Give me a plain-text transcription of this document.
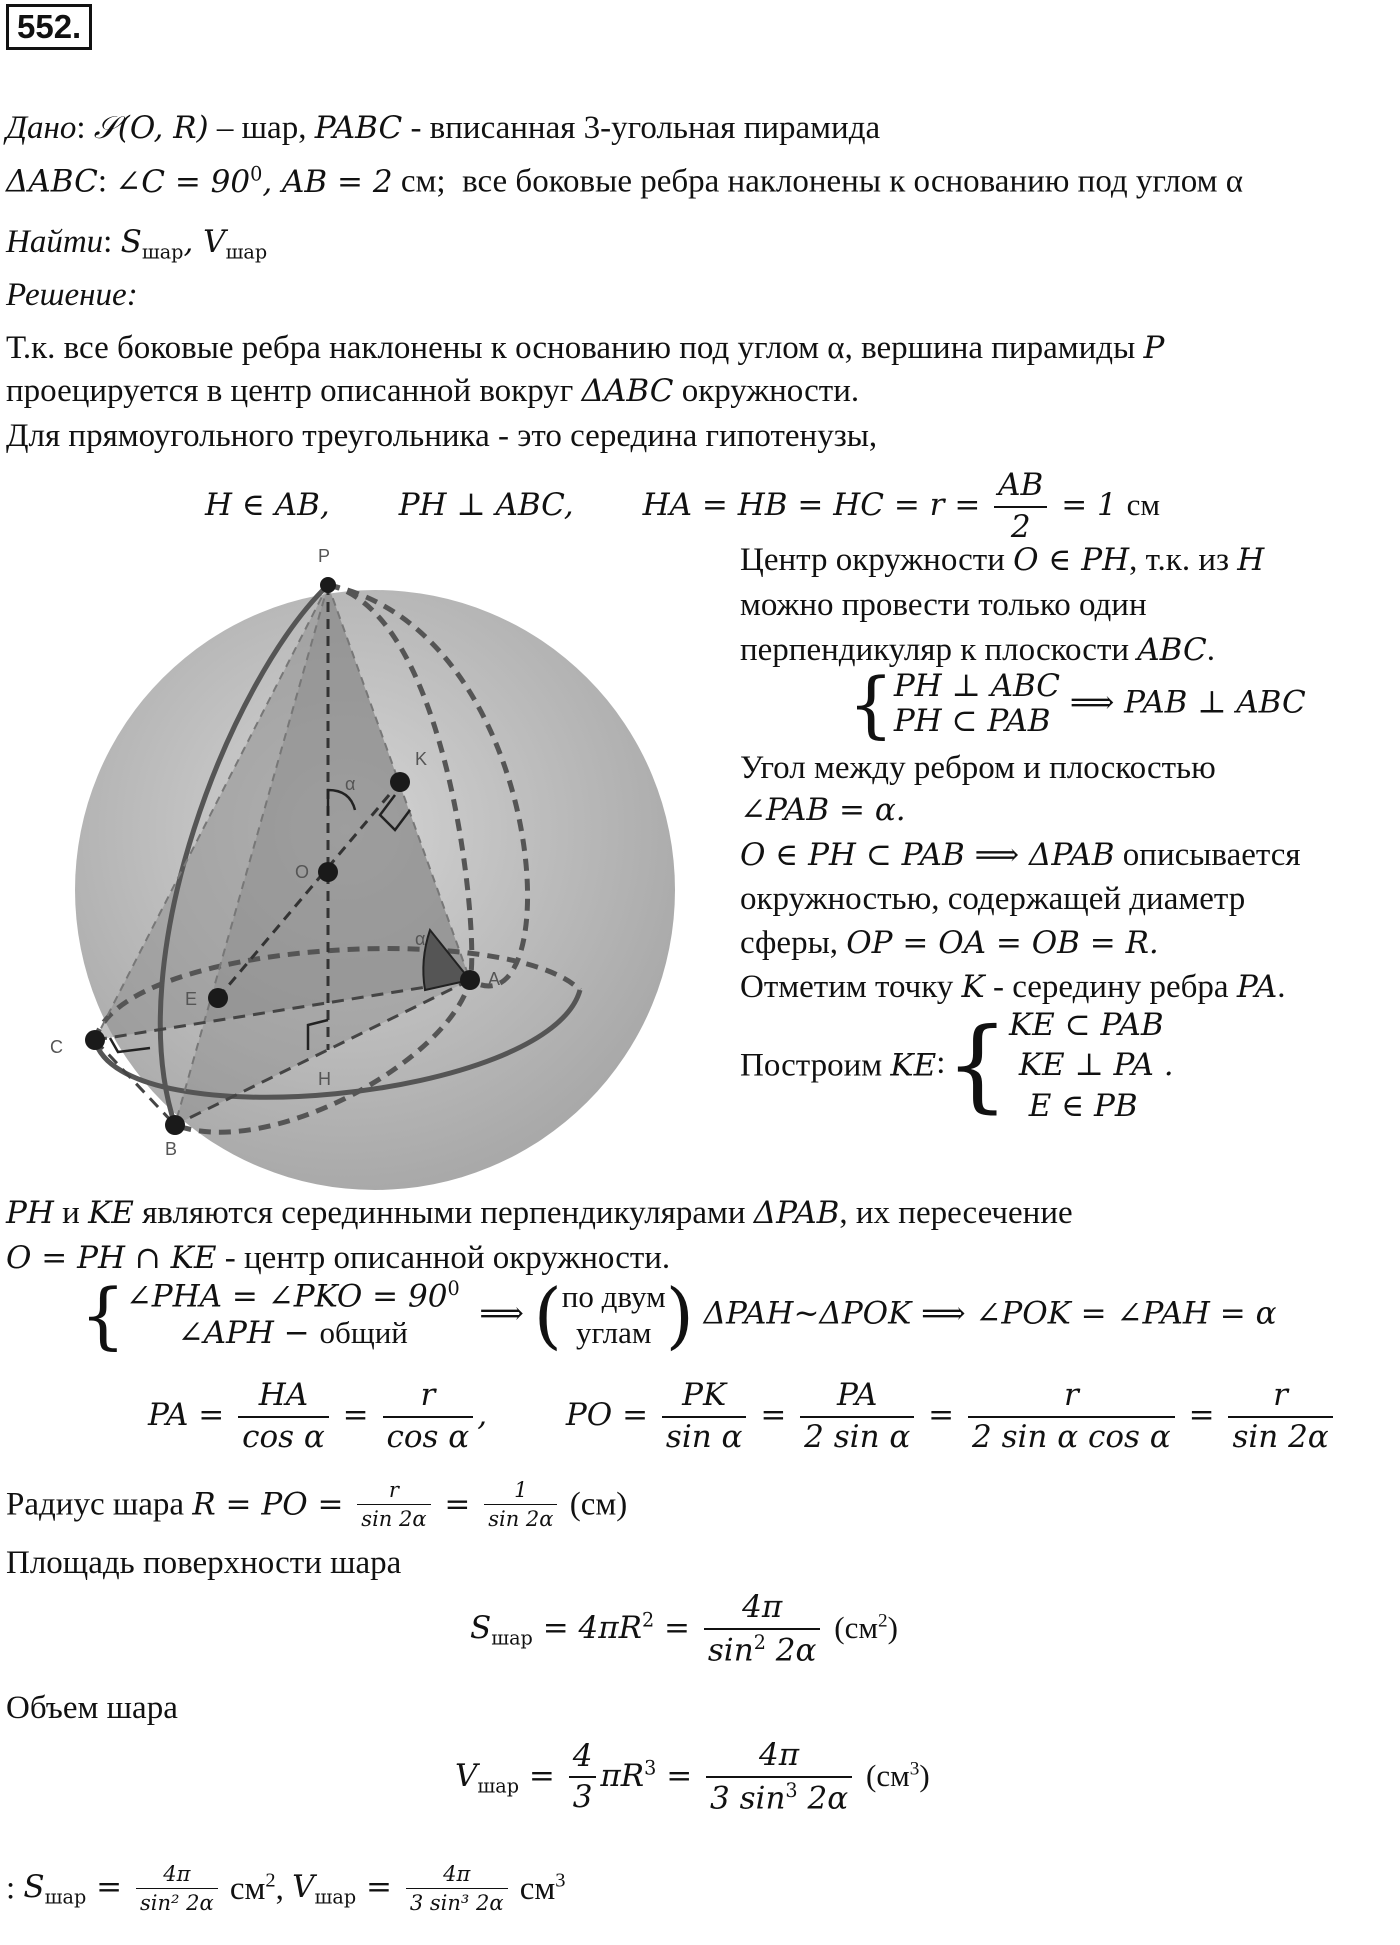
552.
Дано: 𝒮(O, R) – шар, PABC - вписанная 3-угольная пирамида
ΔABC: ∠C = $90^0$, AB = 2 см;  все боковые ребра наклонены к основанию под углом α
Найти: $S_{шар}$, $V_{шар}$
Решение:
Т.к. все боковые ребра наклонены к основанию под углом α, вершина пирамиды P
проецируется в центр описанной вокруг ΔABC окружности.
Для прямоугольного треугольника - это середина гипотенузы,
H ∈ AB,       PH ⊥ ABC,       HA = HB = HC = $r = \frac{AB}{2} = 1$ см
P
K
α
O
α
E
A
C
H
B
Центр окружности O ∈ PH, т.к. из H
можно провести только один
перпендикуляр к плоскости ABC.
{PH ⊥ ABC
PH ⊂ PAB ⟹ PAB ⊥ ABC
Угол между ребром и плоскостью
∠PAB = α.
O ∈ PH ⊂ PAB ⟹ ΔPAB описывается
окружностью, содержащей диаметр
сферы, OP = OA = OB = R.
Отметим точку K - середину ребра PA.
Построим KE:{KE ⊂ PAB
KE ⊥ PA .
E ∈ PB
PH и KE являются серединными перпендикулярами ΔPAB, их пересечение
O = PH ∩ KE - центр описанной окружности.
{∠PHA = ∠PKO = $90^0$
∠APH − общий  ⟹ (по двум
углам ) ΔPAH~ΔPOK ⟹ ∠POK = ∠PAH = α
PA = $\frac{HA}{\text{cos α}} = \frac{r}{\text{cos α}}$ ,        PO = $\frac{PK}{\text{sin α}} = \frac{PA}{\text{2 sin α}} = \frac{r}{\text{2 sin α cos α}} = \frac{r}{\sin 2\alpha}$
Радиус шара R = PO = $\frac{r}{\sin 2\alpha} = \frac{1}{\sin 2\alpha} (см)$
Площадь поверхности шара
$S_{шар} = 4\pi R^2 = \frac{4\pi}{\sin^2 2\alpha} (см^2)$
Объем шара
$V_{шар} = \frac{4}{3} \pi R^3 = \frac{4\pi}{3 \sin^3 2\alpha} (см^3)$
: $S_{шар} = \frac{4\pi}{\text{sin² 2α}} см^2$, $V_{шар} = \frac{4\pi}{\text{3 sin³ 2α}} см^3$
